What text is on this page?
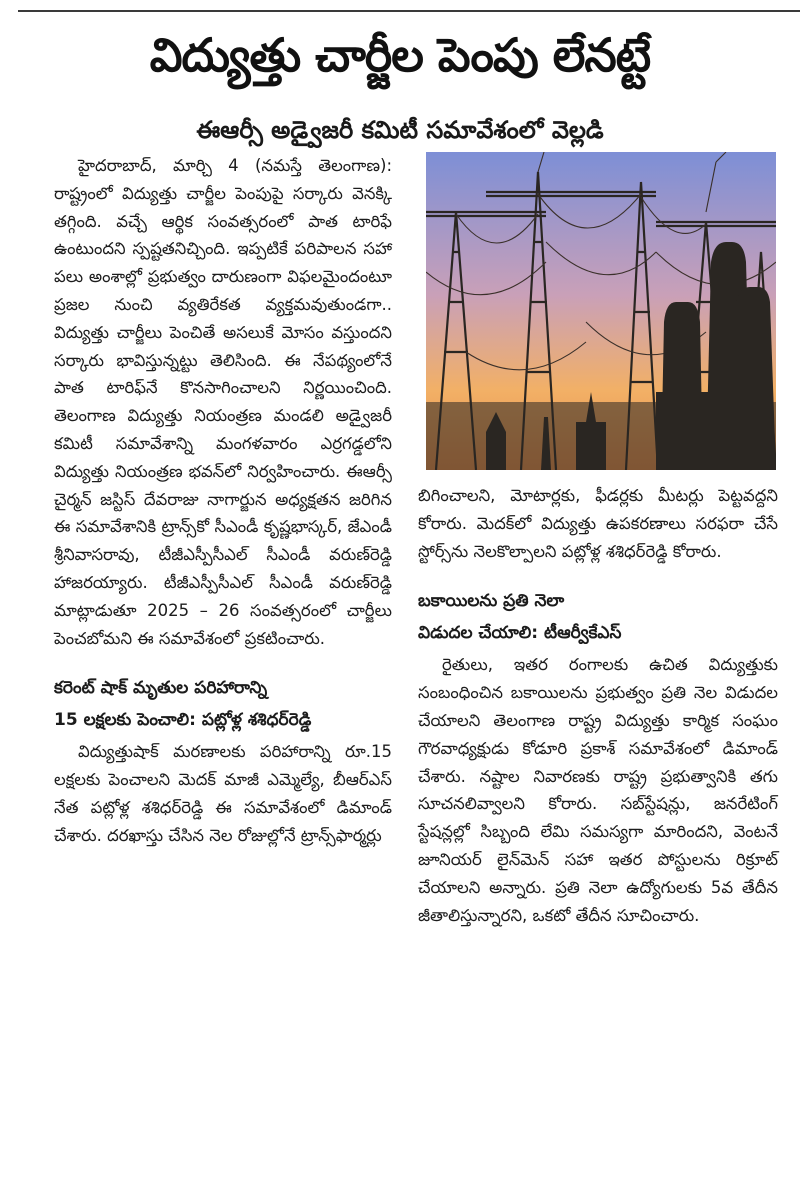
విద్యుత్తు చార్జీల పెంపు లేనట్టే
ఈఆర్సీ అడ్వైజరీ కమిటీ సమావేశంలో వెల్లడి

హైదరాబాద్‌, మార్చి 4 (నమస్తే తెలంగాణ): రాష్ట్రంలో విద్యుత్తు చార్జీల పెంపుపై సర్కారు వెనక్కి తగ్గింది. వచ్చే ఆర్థిక సంవత్సరంలో పాత టారిఫే ఉంటుందని స్పష్టతనిచ్చింది. ఇప్పటికే పరిపాలన సహా పలు అంశాల్లో ప్రభుత్వం దారుణంగా విఫలమైందంటూ ప్రజల నుంచి వ్యతిరేకత వ్యక్తమవుతుండగా.. విద్యుత్తు చార్జీలు పెంచితే అసలుకే మోసం వస్తుందని సర్కారు భావిస్తున్నట్టు తెలిసింది. ఈ నేపథ్యంలోనే పాత టారిఫ్‌నే కొనసాగించాలని నిర్ణయించింది. తెలంగాణ విద్యుత్తు నియంత్రణ మండలి అడ్వైజరీ కమిటీ సమావేశాన్ని మంగళవారం ఎర్రగడ్డలోని విద్యుత్తు నియంత్రణ భవన్‌లో నిర్వహించారు. ఈఆర్సీ చైర్మన్‌ జస్టిస్‌ దేవరాజు నాగార్జున అధ్యక్షతన జరిగిన ఈ సమావేశానికి ట్రాన్స్‌కో సీఎండీ కృష్ణభాస్కర్‌, జేఎండీ శ్రీనివాసరావు, టీజీఎస్పీసీఎల్‌ సీఎండీ వరుణ్‌రెడ్డి హాజరయ్యారు. టీజీఎస్పీసీఎల్‌ సీఎండీ వరుణ్‌రెడ్డి మాట్లాడుతూ 2025 – 26 సంవత్సరంలో చార్జీలు పెంచబోమని ఈ సమావేశంలో ప్రకటించారు.

కరెంట్‌ షాక్‌ మృతుల పరిహారాన్ని
15 లక్షలకు పెంచాలి: పట్లోళ్ల శశిధర్‌రెడ్డి

విద్యుత్తుషాక్‌ మరణాలకు పరిహారాన్ని రూ.15 లక్షలకు పెంచాలని మెదక్‌ మాజీ ఎమ్మెల్యే, బీఆర్‌ఎస్‌ నేత పట్లోళ్ల శశిధర్‌రెడ్డి ఈ సమావేశంలో డిమాండ్‌ చేశారు. దరఖాస్తు చేసిన నెల రోజుల్లోనే ట్రాన్స్‌ఫార్మర్లు

బిగించాలని, మోటార్లకు, ఫీడర్లకు మీటర్లు పెట్టవద్దని కోరారు. మెదక్‌లో విద్యుత్తు ఉపకరణాలు సరఫరా చేసే స్టోర్స్‌ను నెలకొల్పాలని పట్లోళ్ల శశిధర్‌రెడ్డి కోరారు.

బకాయిలను ప్రతి నెలా
విడుదల చేయాలి: టీఆర్వీకేఎస్‌

రైతులు, ఇతర రంగాలకు ఉచిత విద్యుత్తుకు సంబంధించిన బకాయిలను ప్రభుత్వం ప్రతి నెల విడుదల చేయాలని తెలంగాణ రాష్ట్ర విద్యుత్తు కార్మిక సంఘం గౌరవాధ్యక్షుడు కోడూరి ప్రకాశ్‌ సమావేశంలో డిమాండ్‌ చేశారు. నష్టాల నివారణకు రాష్ట్ర ప్రభుత్వానికి తగు సూచనలివ్వాలని కోరారు. సబ్‌స్టేషన్లు, జనరేటింగ్‌ స్టేషన్లల్లో సిబ్బంది లేమి సమస్యగా మారిందని, వెంటనే జూనియర్‌ లైన్‌మెన్‌ సహా ఇతర పోస్టులను రిక్రూట్‌ చేయాలని అన్నారు. ప్రతి నెలా ఉద్యోగులకు 5వ తేదీన జీతాలిస్తున్నారని, ఒకటో తేదీన సూచించారు.
